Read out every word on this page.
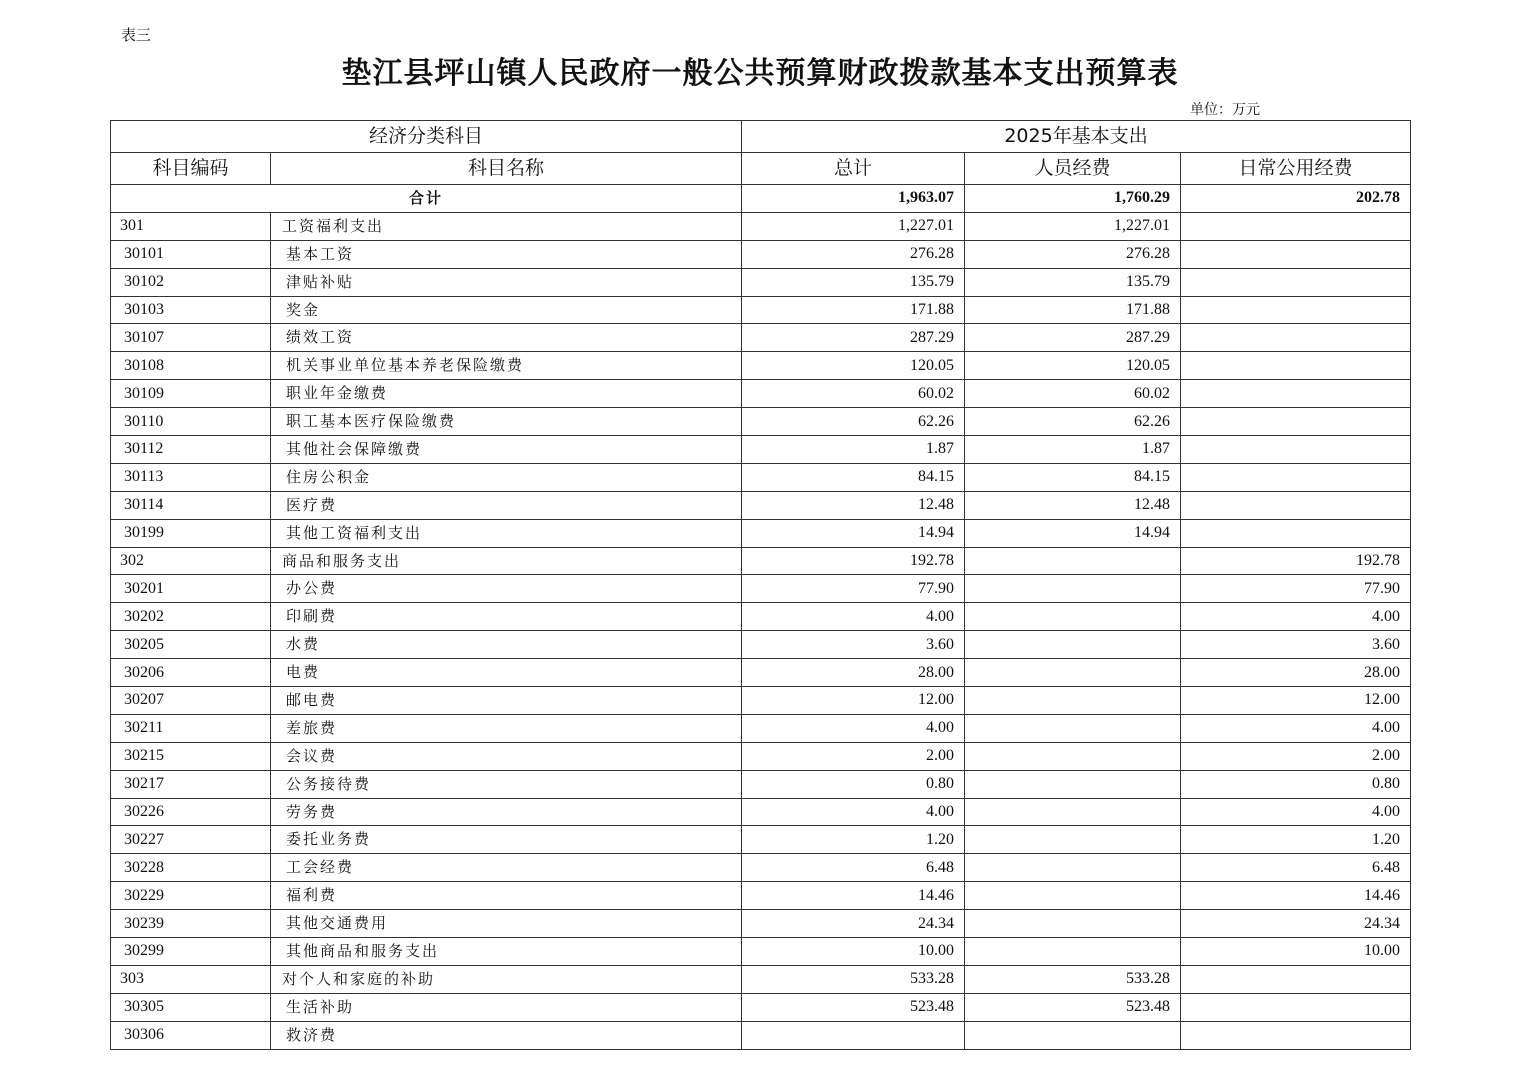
表三
垫江县坪山镇人民政府一般公共预算财政拨款基本支出预算表
单位：万元
经济分类科目		2025年基本支出		
科目编码	科目名称	总计	人员经费	日常公用经费
合计		1,963.07	1,760.29	202.78
301	工资福利支出	1,227.01	1,227.01	
30101	基本工资	276.28	276.28	
30102	津贴补贴	135.79	135.79	
30103	奖金	171.88	171.88	
30107	绩效工资	287.29	287.29	
30108	机关事业单位基本养老保险缴费	120.05	120.05	
30109	职业年金缴费	60.02	60.02	
30110	职工基本医疗保险缴费	62.26	62.26	
30112	其他社会保障缴费	1.87	1.87	
30113	住房公积金	84.15	84.15	
30114	医疗费	12.48	12.48	
30199	其他工资福利支出	14.94	14.94	
302	商品和服务支出	192.78		192.78
30201	办公费	77.90		77.90
30202	印刷费	4.00		4.00
30205	水费	3.60		3.60
30206	电费	28.00		28.00
30207	邮电费	12.00		12.00
30211	差旅费	4.00		4.00
30215	会议费	2.00		2.00
30217	公务接待费	0.80		0.80
30226	劳务费	4.00		4.00
30227	委托业务费	1.20		1.20
30228	工会经费	6.48		6.48
30229	福利费	14.46		14.46
30239	其他交通费用	24.34		24.34
30299	其他商品和服务支出	10.00		10.00
303	对个人和家庭的补助	533.28	533.28	
30305	生活补助	523.48	523.48	
30306	救济费			
